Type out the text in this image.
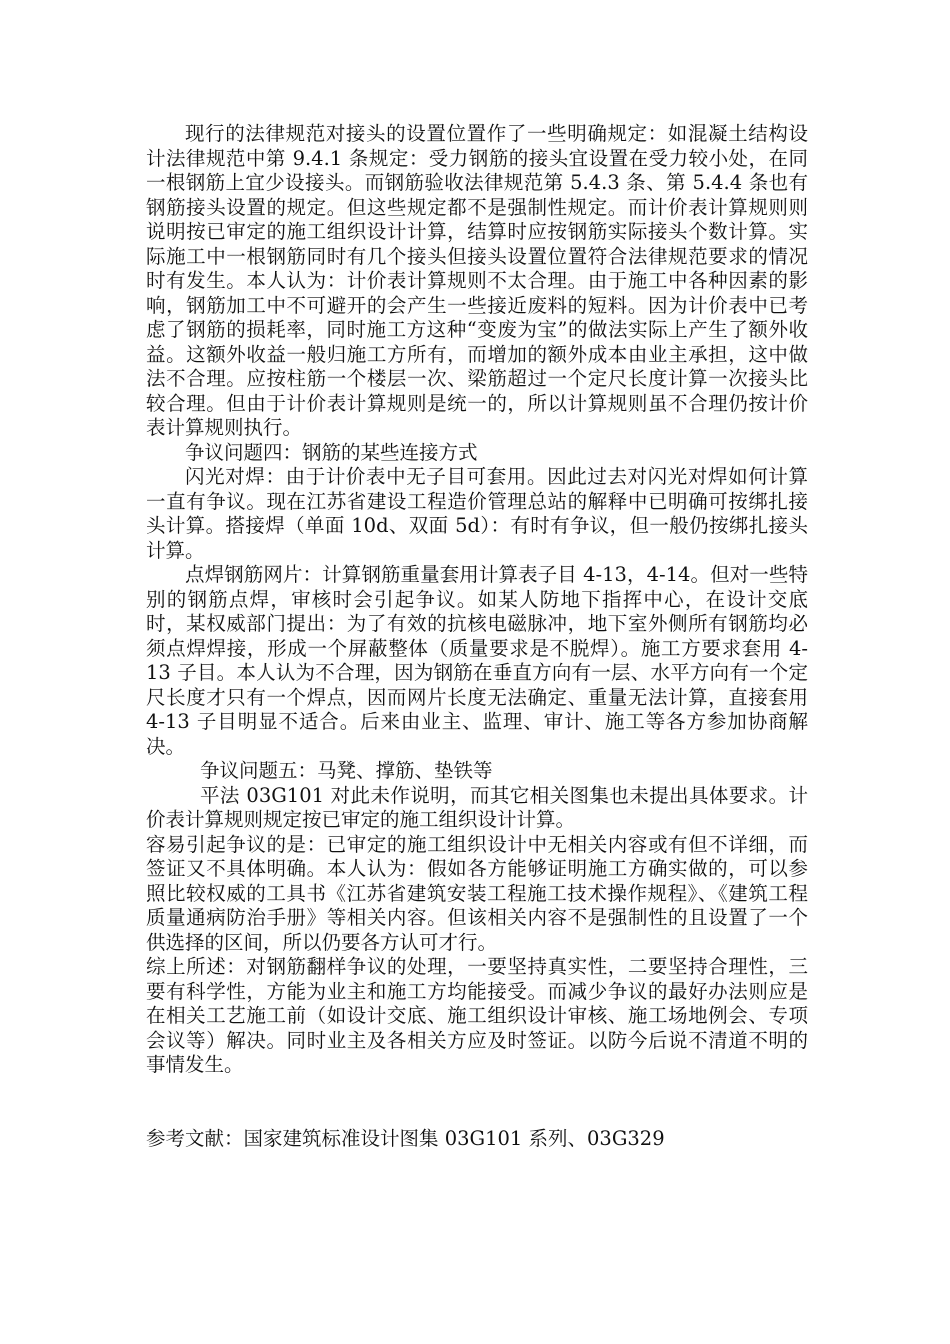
现行的法律规范对接头的设置位置作了一些明确规定：如混凝土结构设计法律规范中第 9.4.1 条规定：受力钢筋的接头宜设置在受力较小处，在同一根钢筋上宜少设接头。而钢筋验收法律规范第 5.4.3 条、第 5.4.4 条也有钢筋接头设置的规定。但这些规定都不是强制性规定。而计价表计算规则则说明按已审定的施工组织设计计算，结算时应按钢筋实际接头个数计算。实际施工中一根钢筋同时有几个接头但接头设置位置符合法律规范要求的情况时有发生。本人认为：计价表计算规则不太合理。由于施工中各种因素的影响，钢筋加工中不可避开的会产生一些接近废料的短料。因为计价表中已考虑了钢筋的损耗率，同时施工方这种“变废为宝”的做法实际上产生了额外收益。这额外收益一般归施工方所有，而增加的额外成本由业主承担，这中做法不合理。应按柱筋一个楼层一次、梁筋超过一个定尺长度计算一次接头比较合理。但由于计价表计算规则是统一的，所以计算规则虽不合理仍按计价表计算规则执行。

争议问题四：钢筋的某些连接方式

闪光对焊：由于计价表中无子目可套用。因此过去对闪光对焊如何计算一直有争议。现在江苏省建设工程造价管理总站的解释中已明确可按绑扎接头计算。搭接焊（单面 10d、双面 5d）：有时有争议，但一般仍按绑扎接头计算。

点焊钢筋网片：计算钢筋重量套用计算表子目 4-13，4-14。但对一些特别的钢筋点焊，审核时会引起争议。如某人防地下指挥中心，在设计交底时，某权威部门提出：为了有效的抗核电磁脉冲，地下室外侧所有钢筋均必须点焊焊接，形成一个屏蔽整体（质量要求是不脱焊）。施工方要求套用 4-13 子目。本人认为不合理，因为钢筋在垂直方向有一层、水平方向有一个定尺长度才只有一个焊点，因而网片长度无法确定、重量无法计算，直接套用 4-13 子目明显不适合。后来由业主、监理、审计、施工等各方参加协商解决。

争议问题五：马凳、撑筋、垫铁等

平法 03G101 对此未作说明，而其它相关图集也未提出具体要求。计价表计算规则规定按已审定的施工组织设计计算。

容易引起争议的是：已审定的施工组织设计中无相关内容或有但不详细，而签证又不具体明确。本人认为：假如各方能够证明施工方确实做的，可以参照比较权威的工具书《江苏省建筑安装工程施工技术操作规程》、《建筑工程质量通病防治手册》等相关内容。但该相关内容不是强制性的且设置了一个供选择的区间，所以仍要各方认可才行。

综上所述：对钢筋翻样争议的处理，一要坚持真实性，二要坚持合理性，三要有科学性，方能为业主和施工方均能接受。而减少争议的最好办法则应是在相关工艺施工前（如设计交底、施工组织设计审核、施工场地例会、专项会议等）解决。同时业主及各相关方应及时签证。以防今后说不清道不明的事情发生。

参考文献：国家建筑标准设计图集 03G101 系列、03G329
